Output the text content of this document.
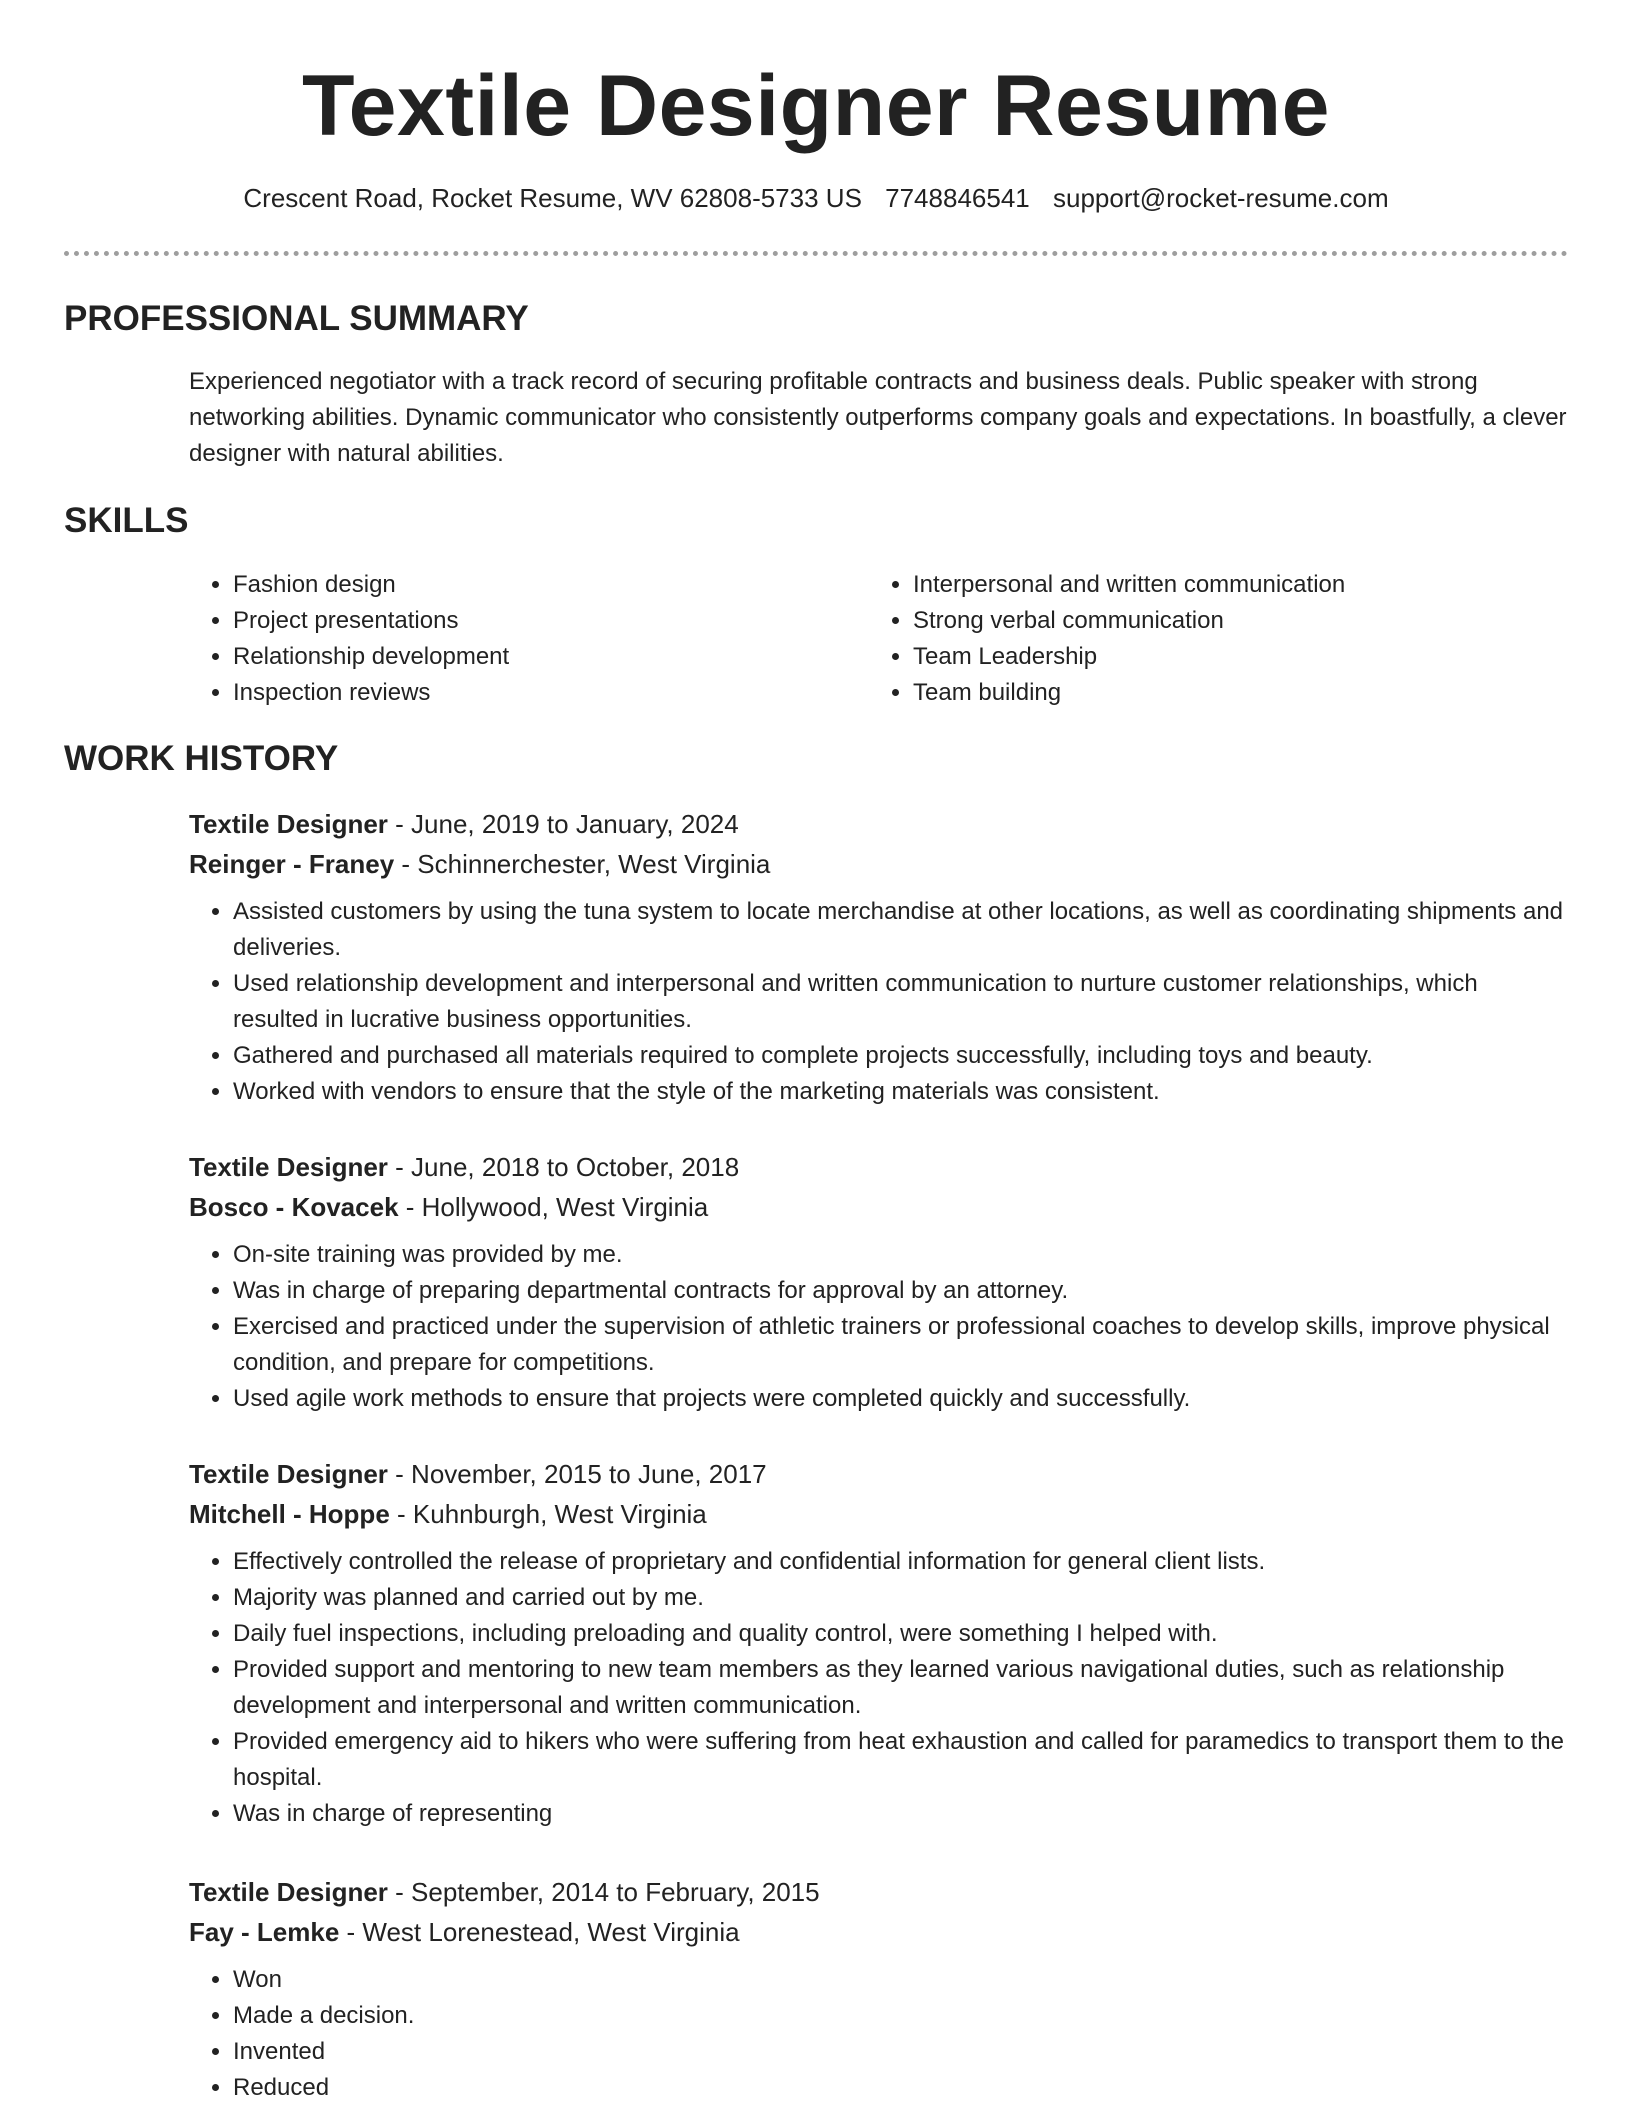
Textile Designer Resume
Crescent Road, Rocket Resume, WV 62808-5733 US 7748846541 support@rocket-resume.com
PROFESSIONAL SUMMARY

Experienced negotiator with a track record of securing profitable contracts and business deals. Public speaker with strong networking abilities. Dynamic communicator who consistently outperforms company goals and expectations. In boastfully, a clever designer with natural abilities.

SKILLS
• Fashion design
• Project presentations
• Relationship development
• Inspection reviews
• Interpersonal and written communication
• Strong verbal communication
• Team Leadership
• Team building
WORK HISTORY
Textile Designer - June, 2019 to January, 2024
Reinger - Franey - Schinnerchester, West Virginia
• Assisted customers by using the tuna system to locate merchandise at other locations, as well as coordinating shipments and deliveries.
• Used relationship development and interpersonal and written communication to nurture customer relationships, which resulted in lucrative business opportunities.
• Gathered and purchased all materials required to complete projects successfully, including toys and beauty.
• Worked with vendors to ensure that the style of the marketing materials was consistent.
Textile Designer - June, 2018 to October, 2018
Bosco - Kovacek - Hollywood, West Virginia
• On-site training was provided by me.
• Was in charge of preparing departmental contracts for approval by an attorney.
• Exercised and practiced under the supervision of athletic trainers or professional coaches to develop skills, improve physical condition, and prepare for competitions.
• Used agile work methods to ensure that projects were completed quickly and successfully.
Textile Designer - November, 2015 to June, 2017
Mitchell - Hoppe - Kuhnburgh, West Virginia
• Effectively controlled the release of proprietary and confidential information for general client lists.
• Majority was planned and carried out by me.
• Daily fuel inspections, including preloading and quality control, were something I helped with.
• Provided support and mentoring to new team members as they learned various navigational duties, such as relationship development and interpersonal and written communication.
• Provided emergency aid to hikers who were suffering from heat exhaustion and called for paramedics to transport them to the hospital.
• Was in charge of representing
Textile Designer - September, 2014 to February, 2015
Fay - Lemke - West Lorenestead, West Virginia
• Won
• Made a decision.
• Invented
• Reduced
